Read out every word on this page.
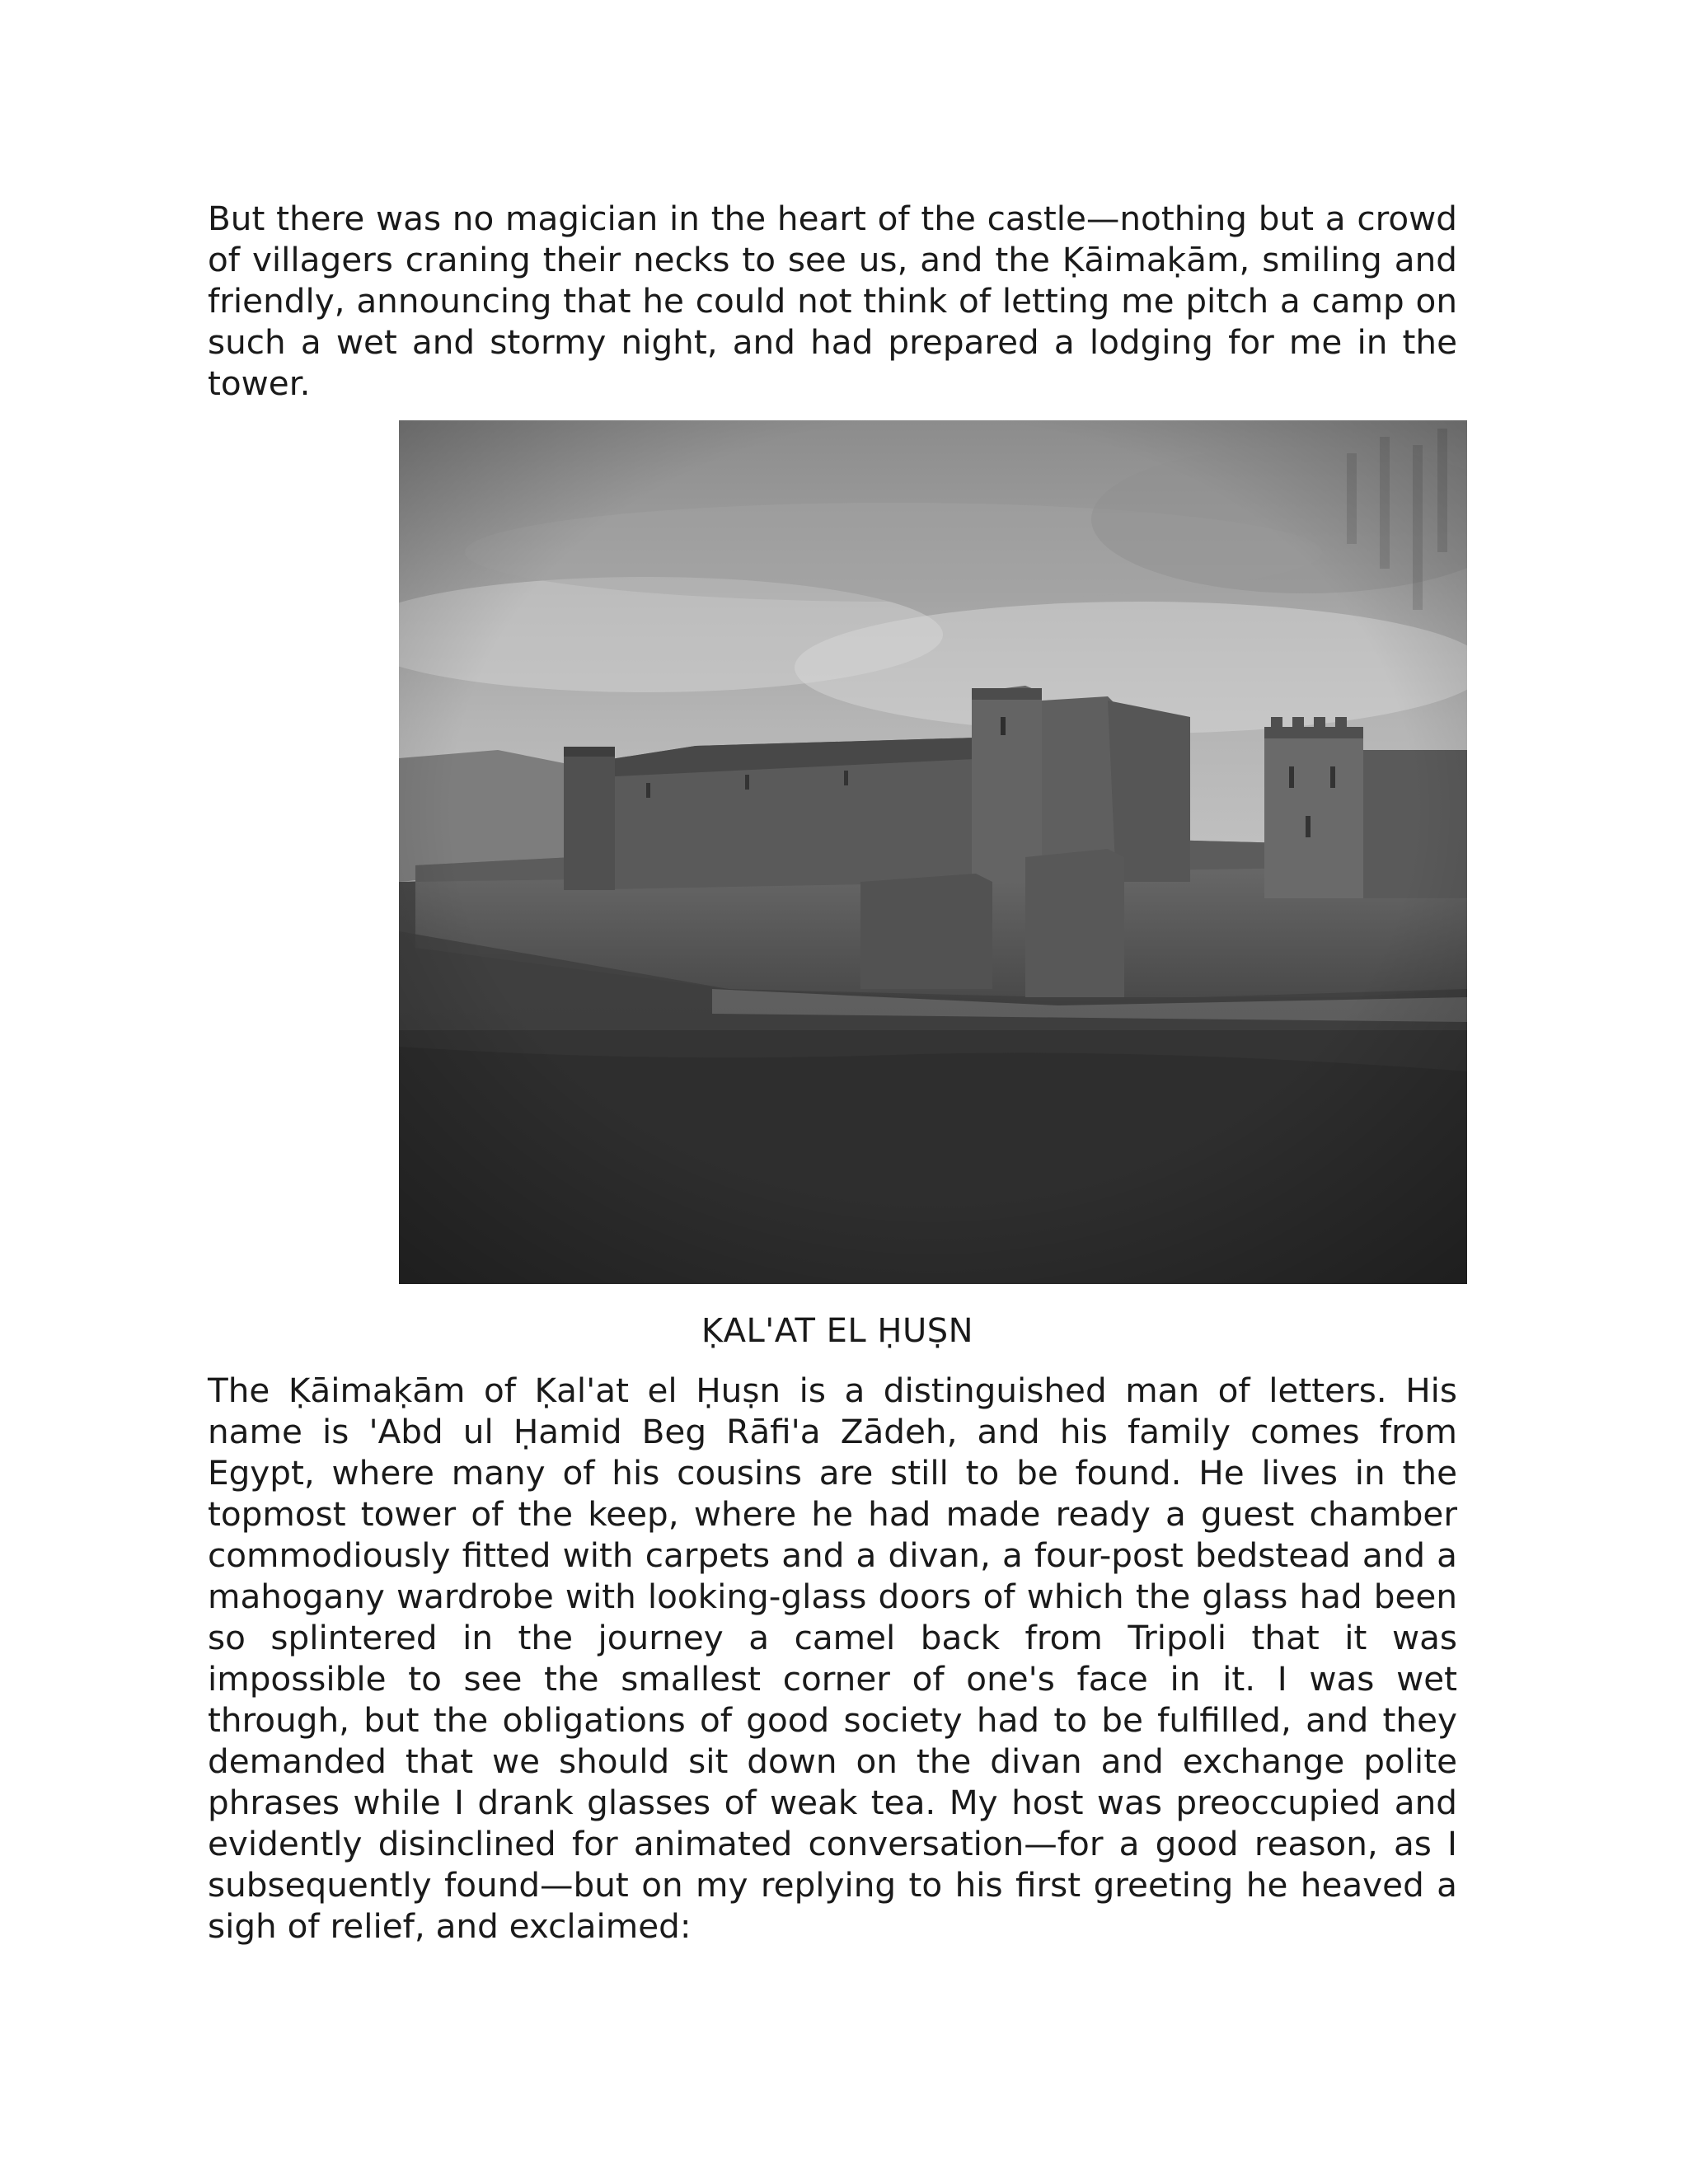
But there was no magician in the heart of the castle—nothing but a crowd of villagers craning their necks to see us, and the Ḳāimaḳām, smiling and friendly, announcing that he could not think of letting me pitch a camp on such a wet and stormy night, and had prepared a lodging for me in the tower.

ḲAL'AT EL ḤUṢN

The Ḳāimaḳām of Ḳal'at el Ḥuṣn is a distinguished man of letters. His name is 'Abd ul Ḥamid Beg Rāfi'a Zādeh, and his family comes from Egypt, where many of his cousins are still to be found. He lives in the topmost tower of the keep, where he had made ready a guest chamber commodiously fitted with carpets and a divan, a four-post bedstead and a mahogany wardrobe with looking-glass doors of which the glass had been so splintered in the journey a camel back from Tripoli that it was impossible to see the smallest corner of one's face in it. I was wet through, but the obligations of good society had to be fulfilled, and they demanded that we should sit down on the divan and exchange polite phrases while I drank glasses of weak tea. My host was preoccupied and evidently disinclined for animated conversation—for a good reason, as I subsequently found—but on my replying to his first greeting he heaved a sigh of relief, and exclaimed:
